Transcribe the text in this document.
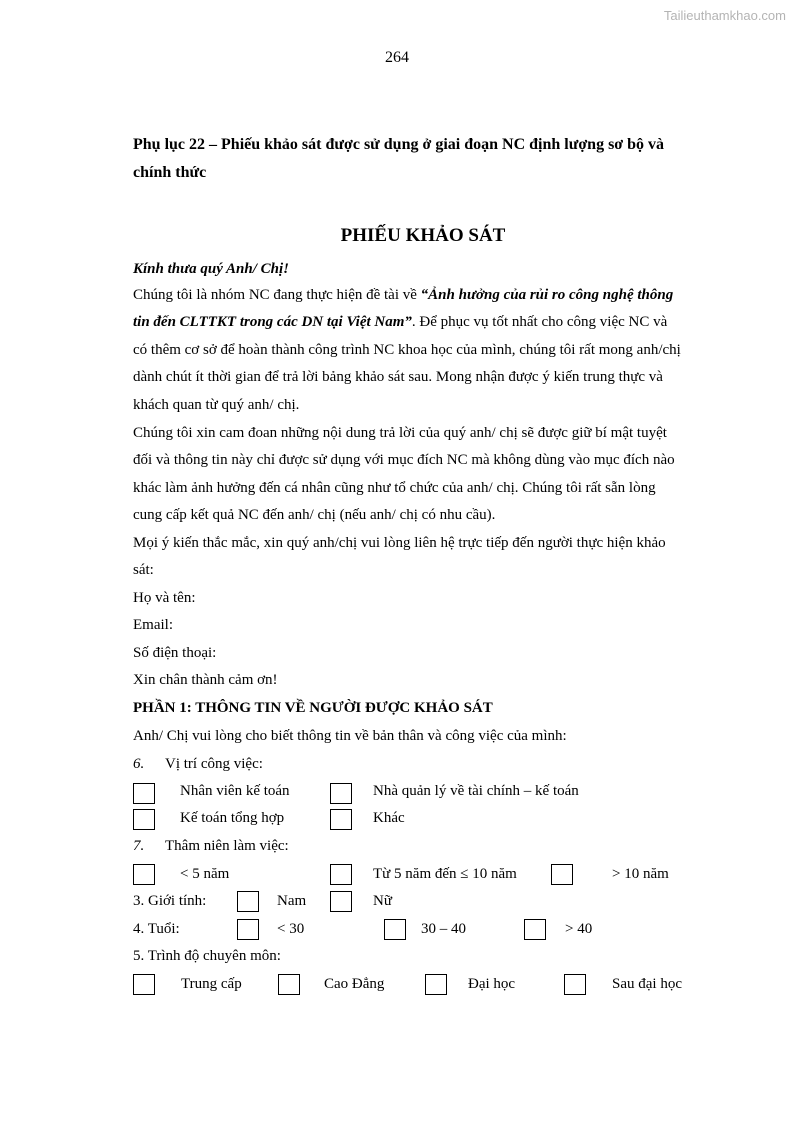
Tailieuthamkhao.com
264
Phụ lục 22 – Phiếu khảo sát được sử dụng ở giai đoạn NC định lượng sơ bộ và
chính thức
PHIẾU KHẢO SÁT
Kính thưa quý Anh/ Chị!
Chúng tôi là nhóm NC đang thực hiện đề tài về “Ảnh hưởng của rủi ro công nghệ thông
tin đến CLTTKT trong các DN tại Việt Nam”. Để phục vụ tốt nhất cho công việc NC và
có thêm cơ sở để hoàn thành công trình NC khoa học của mình, chúng tôi rất mong anh/chị
dành chút ít thời gian để trả lời bảng khảo sát sau. Mong nhận được ý kiến trung thực và
khách quan từ quý anh/ chị.
Chúng tôi xin cam đoan những nội dung trả lời của quý anh/ chị sẽ được giữ bí mật tuyệt
đối và thông tin này chỉ được sử dụng với mục đích NC mà không dùng vào mục đích nào
khác làm ảnh hưởng đến cá nhân cũng như tổ chức của anh/ chị. Chúng tôi rất sẵn lòng
cung cấp kết quả NC đến anh/ chị (nếu anh/ chị có nhu cầu).
Mọi ý kiến thắc mắc, xin quý anh/chị vui lòng liên hệ trực tiếp đến người thực hiện khảo
sát:
Họ và tên:
Email:
Số điện thoại:
Xin chân thành cảm ơn!
PHẦN 1: THÔNG TIN VỀ NGƯỜI ĐƯỢC KHẢO SÁT
Anh/ Chị vui lòng cho biết thông tin về bản thân và công việc của mình:
6. Vị trí công việc:
Nhân viên kế toán	Nhà quản lý về tài chính – kế toán
Kế toán tổng hợp	Khác
7. Thâm niên làm việc:
< 5 năm	Từ 5 năm đến ≤ 10 năm	> 10 năm
3. Giới tính:	Nam	Nữ
4. Tuổi:	< 30	30 – 40	> 40
5. Trình độ chuyên môn:
Trung cấp	Cao Đẳng	Đại học	Sau đại học
